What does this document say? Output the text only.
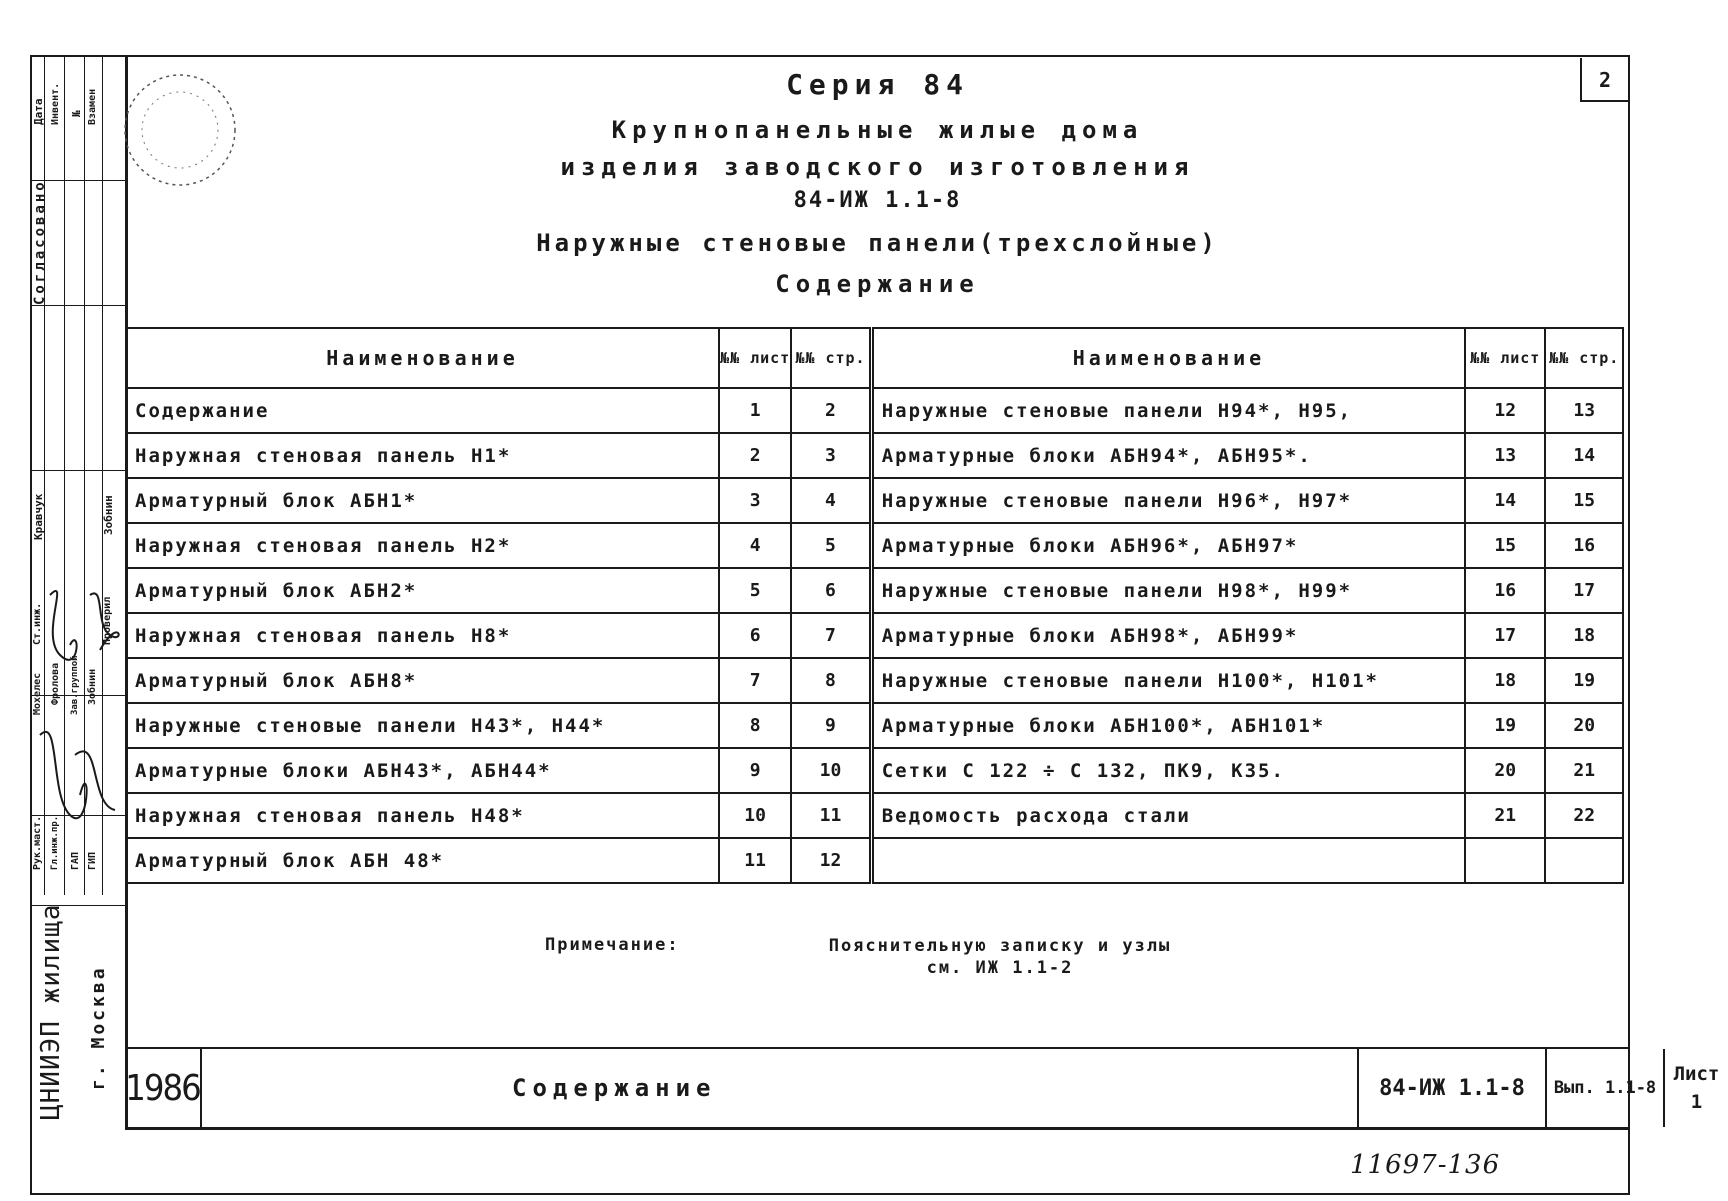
Согласовано
Дата Инвент. № Взамен
Кравчук	Зобнин
Проверил
Ст.инж.
Мохелес Фролова Зав.группой Зобнин
Рук.маст. Гл.инж.пр. ГАП ГИП
ЦНИИЭП жилища г. Москва
Серия 84
Крупнопанельные жилые дома
изделия заводского изготовления
84-ИЖ 1.1-8
Наружные стеновые панели(трехслойные)
Содержание
2
Наименование	№№ лист	№№ стр.	Наименование	№№ лист	№№ стр.
Содержание	1	2	Наружные стеновые панели Н94*, Н95,	12	13
Наружная стеновая панель Н1*	2	3	Арматурные блоки АБН94*, АБН95*.	13	14
Арматурный блок АБН1*	3	4	Наружные стеновые панели Н96*, Н97*	14	15
Наружная стеновая панель Н2*	4	5	Арматурные блоки АБН96*, АБН97*	15	16
Арматурный блок АБН2*	5	6	Наружные стеновые панели Н98*, Н99*	16	17
Наружная стеновая панель Н8*	6	7	Арматурные блоки АБН98*, АБН99*	17	18
Арматурный блок АБН8*	7	8	Наружные стеновые панели Н100*, Н101*	18	19
Наружные стеновые панели Н43*, Н44*	8	9	Арматурные блоки АБН100*, АБН101*	19	20
Арматурные блоки АБН43*, АБН44*	9	10	Сетки С 122 ÷ С 132, ПК9, К35.	20	21
Наружная стеновая панель Н48*	10	11	Ведомость расхода стали	21	22
Арматурный блок АБН 48*	11	12			
Примечание:	Пояснительную записку и узлы
см. ИЖ 1.1-2
1986	Содержание	84-ИЖ 1.1-8	Вып. 1.1-8
Лист
1
11697-136
